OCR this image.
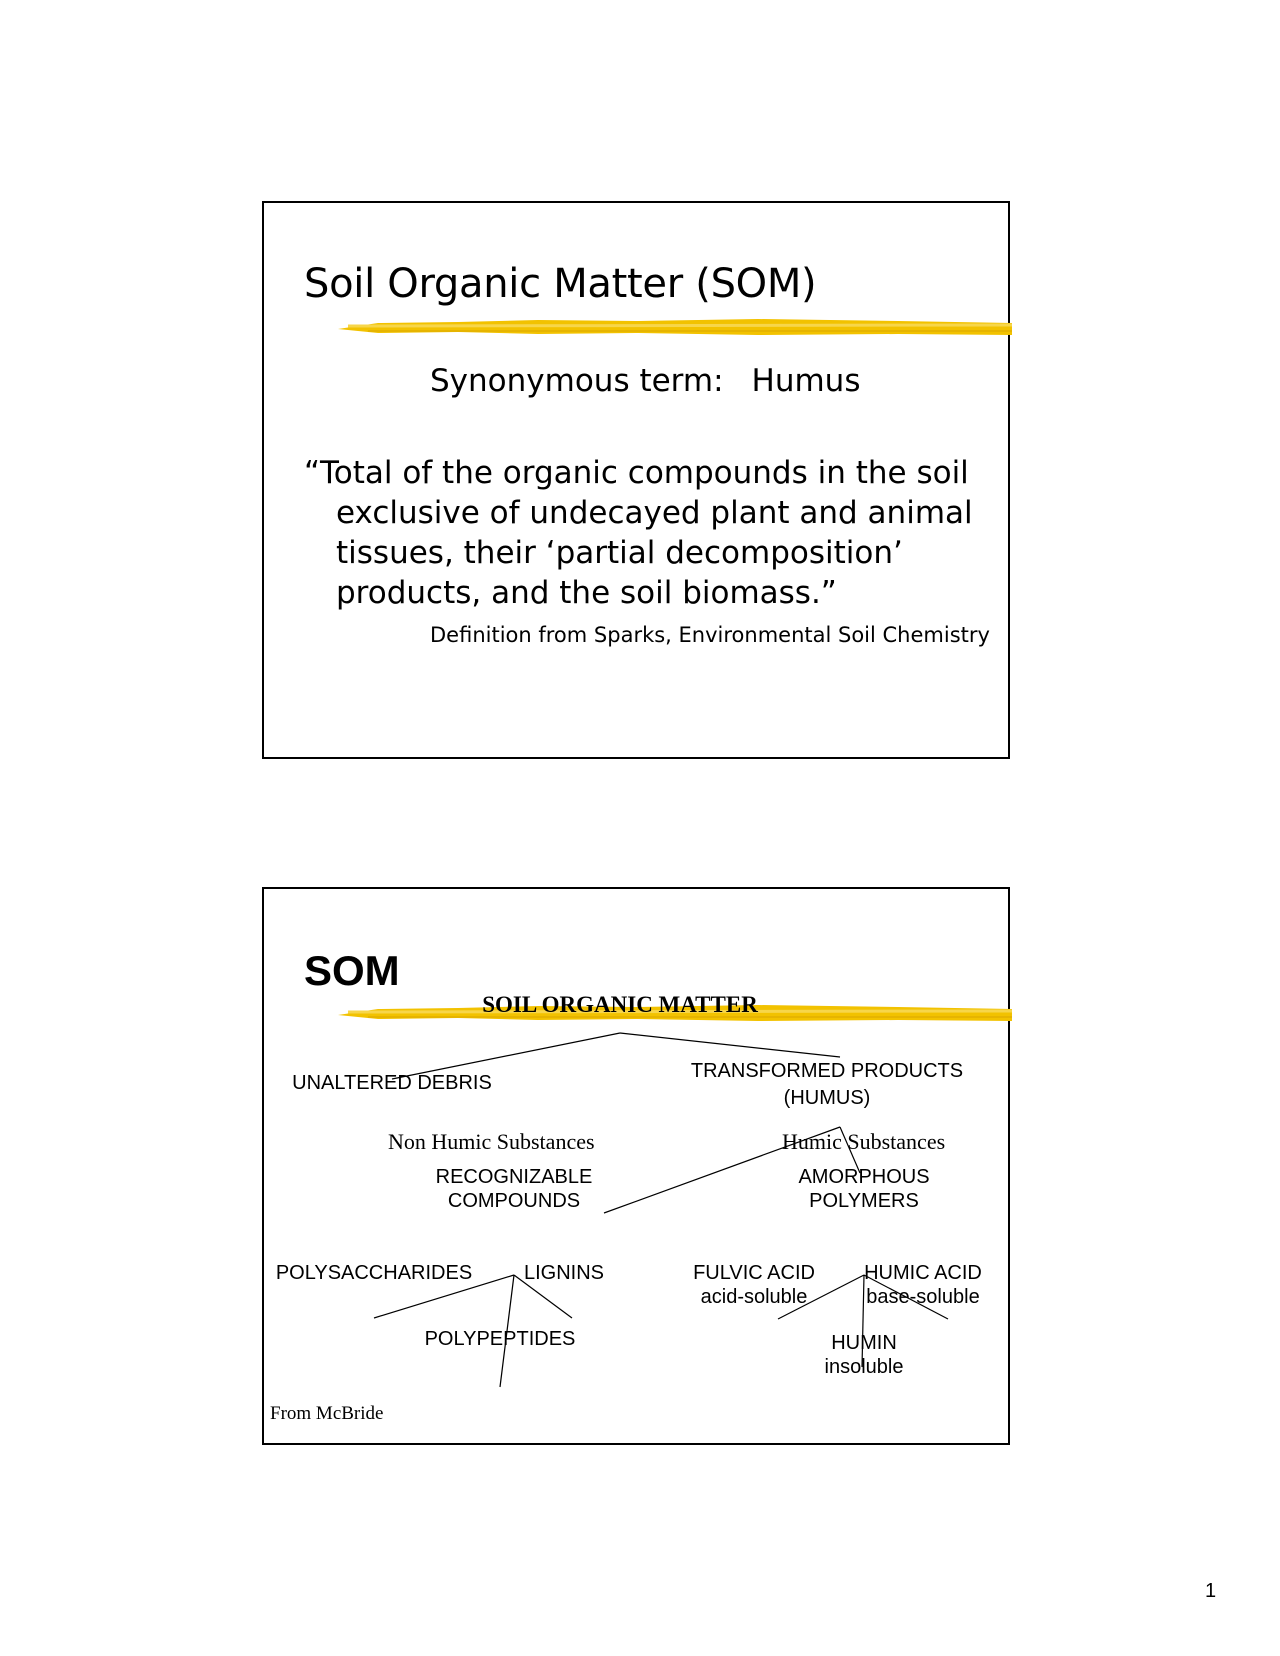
Soil Organic Matter (SOM)
Synonymous term: Humus
“Total of the organic compounds in the soil exclusive of undecayed plant and animal tissues, their ‘partial decomposition’ products, and the soil biomass.”
Definition from Sparks, Environmental Soil Chemistry
SOM
SOIL ORGANIC MATTER
UNALTERED DEBRIS
TRANSFORMED PRODUCTS
(HUMUS)
Non Humic Substances	Humic Substances
RECOGNIZABLE
COMPOUNDS
AMORPHOUS
POLYMERS
POLYSACCHARIDES	LIGNINS
POLYPEPTIDES
FULVIC ACID
acid-soluble
HUMIC ACID
base-soluble
HUMIN
insoluble
From McBride
1
